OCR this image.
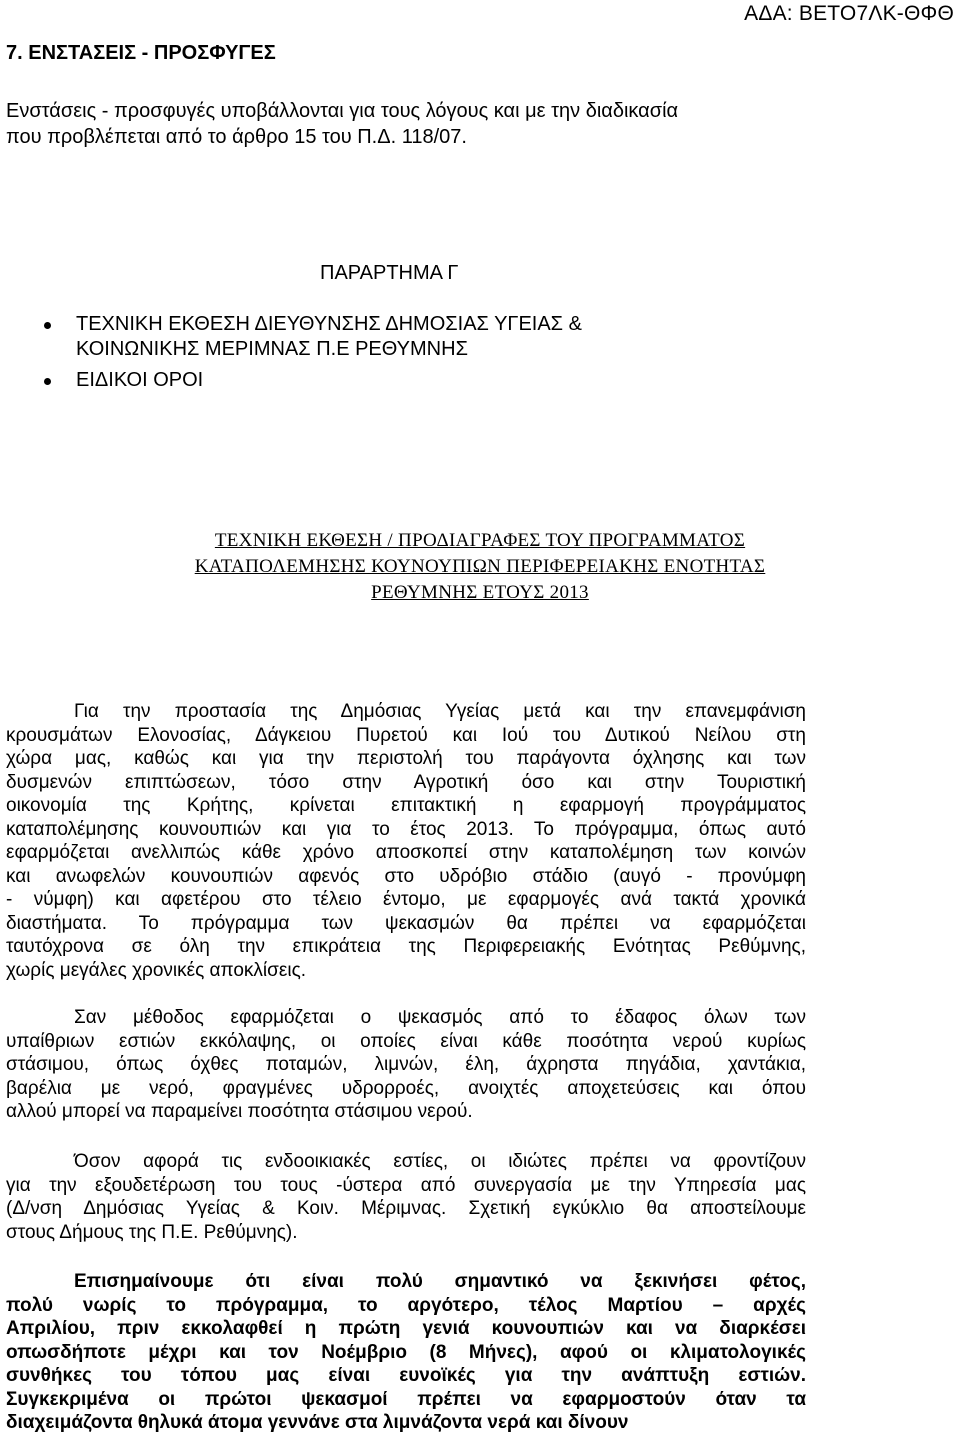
ΑΔΑ: ΒΕΤΟ7ΛΚ-ΘΦΘ
7. ΕΝΣΤΑΣΕΙΣ - ΠΡΟΣΦΥΓΕΣ
Ενστάσεις - προσφυγές υποβάλλονται για τους λόγους και με την διαδικασία
που προβλέπεται από το άρθρο 15 του Π.Δ. 118/07.
ΠΑΡΑΡΤΗΜΑ Γ
ΤΕΧΝΙΚΗ ΕΚΘΕΣΗ ΔΙΕΥΘΥΝΣΗΣ ΔΗΜΟΣΙΑΣ ΥΓΕΙΑΣ &
ΚΟΙΝΩΝΙΚΗΣ ΜΕΡΙΜΝΑΣ Π.Ε ΡΕΘΥΜΝΗΣ
ΕΙΔΙΚΟΙ ΟΡΟΙ
ΤΕΧΝΙΚΗ ΕΚΘΕΣΗ / ΠΡΟΔΙΑΓΡΑΦΕΣ ΤΟΥ ΠΡΟΓΡΑΜΜΑΤΟΣ
ΚΑΤΑΠΟΛΕΜΗΣΗΣ ΚΟΥΝΟΥΠΙΩΝ ΠΕΡΙΦΕΡΕΙΑΚΗΣ ΕΝΟΤΗΤΑΣ
ΡΕΘΥΜΝΗΣ ΕΤΟΥΣ 2013
Για την προστασία της Δημόσιας Υγείας μετά και την επανεμφάνιση
κρουσμάτων Ελονοσίας, Δάγκειου Πυρετού και Ιού του Δυτικού Νείλου στη
χώρα μας, καθώς και για την περιστολή του παράγοντα όχλησης και των
δυσμενών επιπτώσεων, τόσο στην Αγροτική όσο και στην Τουριστική
οικονομία της Κρήτης, κρίνεται επιτακτική η εφαρμογή προγράμματος
καταπολέμησης κουνουπιών και για το έτος 2013. Το πρόγραμμα, όπως αυτό
εφαρμόζεται ανελλιπώς κάθε χρόνο αποσκοπεί στην καταπολέμηση των κοινών
και ανωφελών κουνουπιών αφενός στο υδρόβιο στάδιο (αυγό - προνύμφη
- νύμφη) και αφετέρου στο τέλειο έντομο, με εφαρμογές ανά τακτά χρονικά
διαστήματα. Το πρόγραμμα των ψεκασμών θα πρέπει να εφαρμόζεται
ταυτόχρονα σε όλη την επικράτεια της Περιφερειακής Ενότητας Ρεθύμνης,
χωρίς μεγάλες χρονικές αποκλίσεις.
Σαν μέθοδος εφαρμόζεται ο ψεκασμός από το έδαφος όλων των
υπαίθριων εστιών εκκόλαψης, οι οποίες είναι κάθε ποσότητα νερού κυρίως
στάσιμου, όπως όχθες ποταμών, λιμνών, έλη, άχρηστα πηγάδια, χαντάκια,
βαρέλια με νερό, φραγμένες υδρορροές, ανοιχτές αποχετεύσεις και όπου
αλλού μπορεί να παραμείνει ποσότητα στάσιμου νερού.
Όσον αφορά τις ενδοοικιακές εστίες, οι ιδιώτες πρέπει να φροντίζουν
για την εξουδετέρωση του τους -ύστερα από συνεργασία με την Υπηρεσία μας
(Δ/νση Δημόσιας Υγείας & Κοιν. Μέριμνας. Σχετική εγκύκλιο θα αποστείλουμε
στους Δήμους της Π.Ε. Ρεθύμνης).
Επισημαίνουμε ότι είναι πολύ σημαντικό να ξεκινήσει φέτος,
πολύ νωρίς το πρόγραμμα, το αργότερο, τέλος Μαρτίου – αρχές
Απριλίου, πριν εκκολαφθεί η πρώτη γενιά κουνουπιών και να διαρκέσει
οπωσδήποτε μέχρι και τον Νοέμβριο (8 Μήνες), αφού οι κλιματολογικές
συνθήκες του τόπου μας είναι ευνοϊκές για την ανάπτυξη εστιών.
Συγκεκριμένα οι πρώτοι ψεκασμοί πρέπει να εφαρμοστούν όταν τα
διαχειμάζοντα θηλυκά άτομα γεννάνε στα λιμνάζοντα νερά και δίνουν
